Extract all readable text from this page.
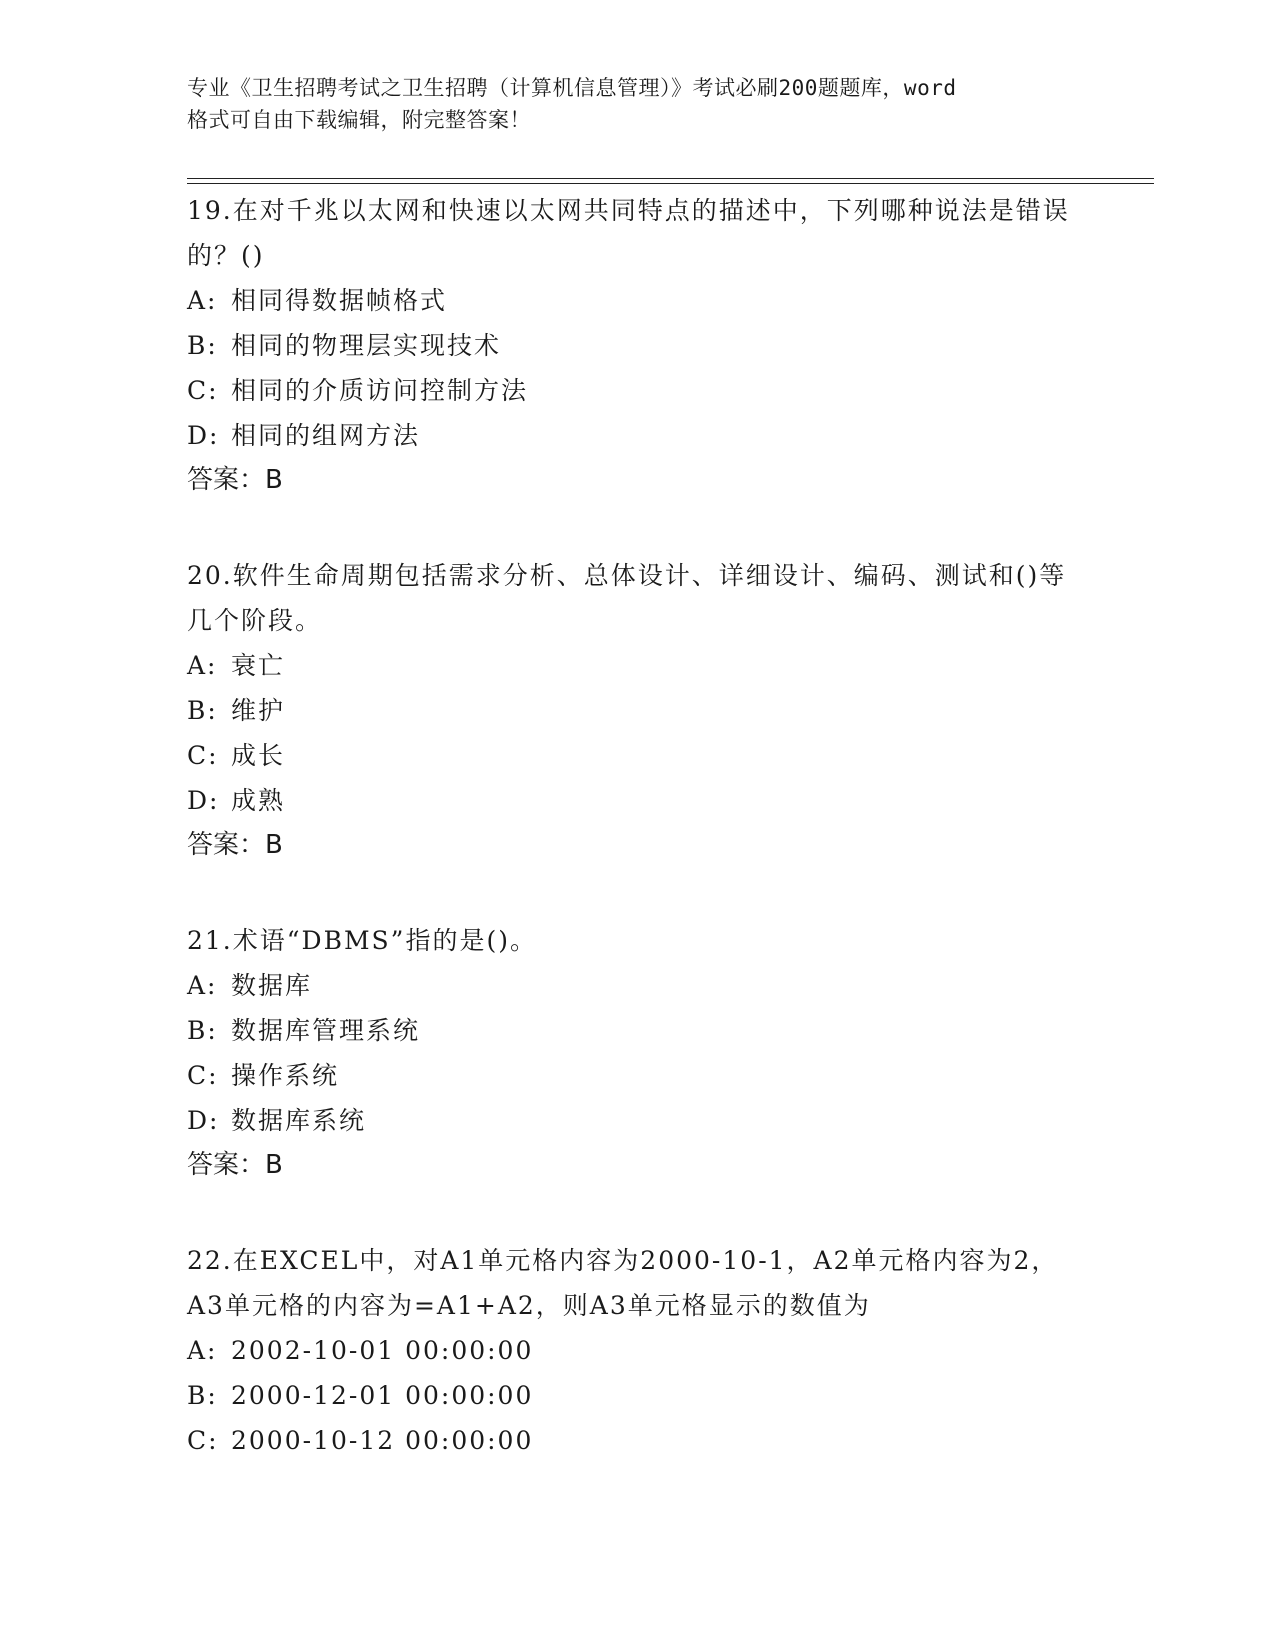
专业《卫生招聘考试之卫生招聘（计算机信息管理）》考试必刷200题题库，word
格式可自由下载编辑，附完整答案！

19.在对千兆以太网和快速以太网共同特点的描述中，下列哪种说法是错误的？()

A: 相同得数据帧格式

B: 相同的物理层实现技术

C: 相同的介质访问控制方法

D: 相同的组网方法

答案：B

20.软件生命周期包括需求分析、总体设计、详细设计、编码、测试和()等几个阶段。

A: 衰亡

B: 维护

C: 成长

D: 成熟

答案：B

21.术语“DBMS”指的是()。

A: 数据库

B: 数据库管理系统

C: 操作系统

D: 数据库系统

答案：B

22.在EXCEL中，对A1单元格内容为2000-10-1，A2单元格内容为2，A3单元格的内容为=A1+A2，则A3单元格显示的数值为

A: 2002-10-01 00:00:00

B: 2000-12-01 00:00:00

C: 2000-10-12 00:00:00
